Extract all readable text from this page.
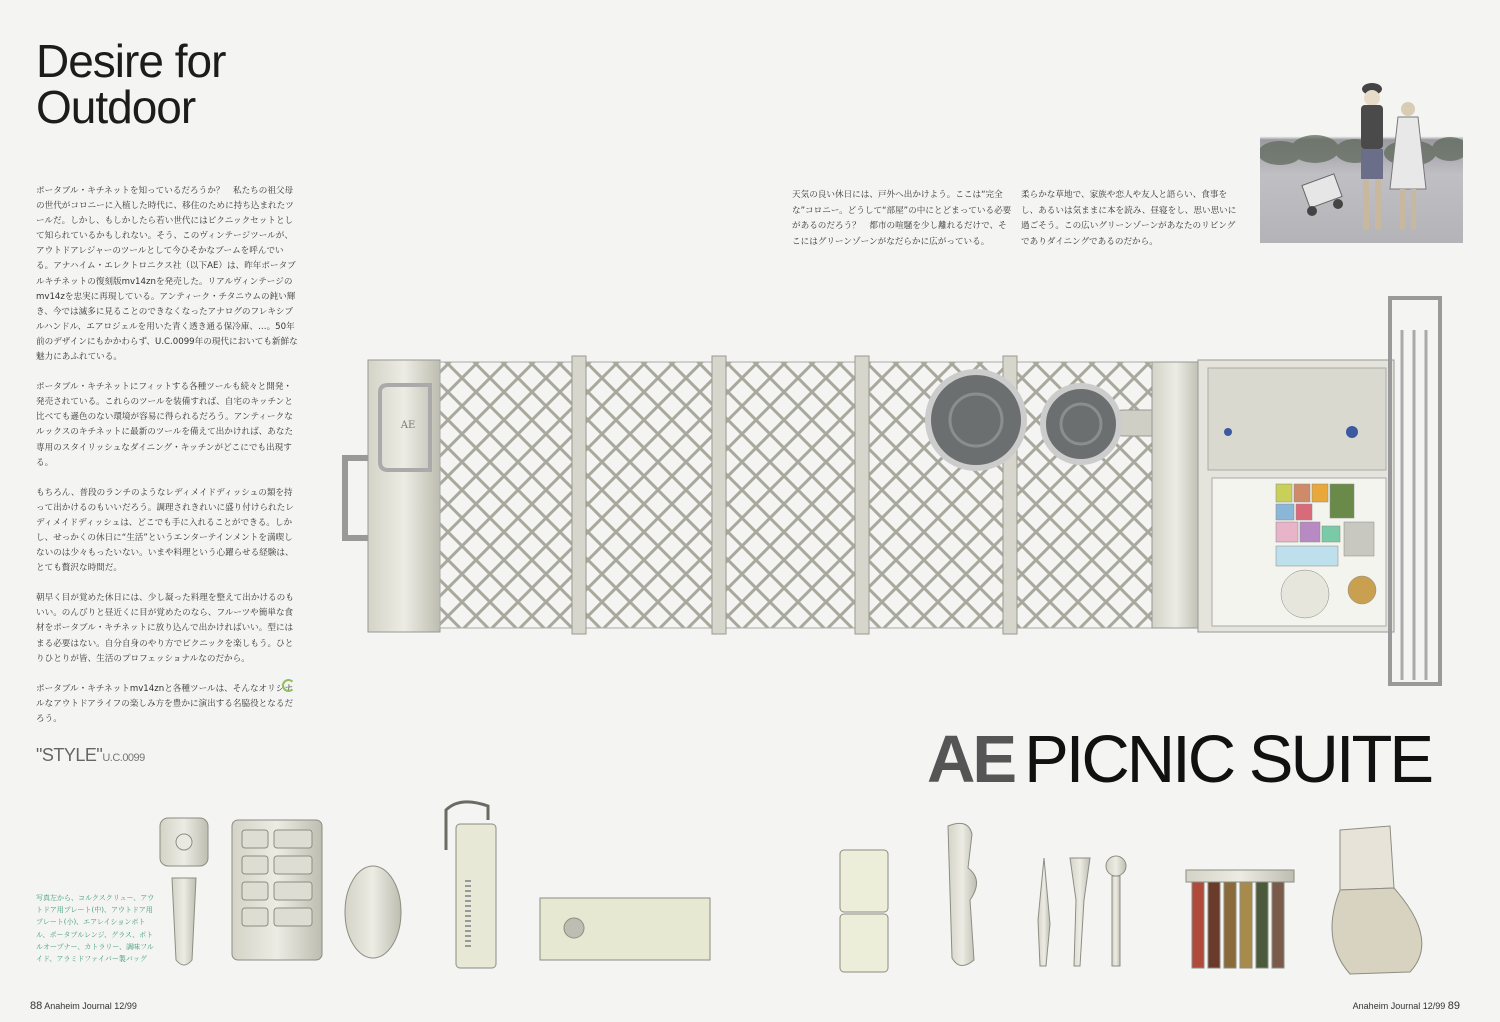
Desire for
Outdoor

ポータブル・キチネットを知っているだろうか？　私たちの祖父母の世代がコロニーに入植した時代に、移住のために持ち込まれたツールだ。しかし、もしかしたら若い世代にはピクニックセットとして知られているかもしれない。そう、このヴィンテージツールが、アウトドアレジャーのツールとして今ひそかなブームを呼んでいる。アナハイム・エレクトロニクス社（以下AE）は、昨年ポータブルキチネットの復刻版mv14znを発売した。リアルヴィンテージのmv14zを忠実に再現している。アンティーク・チタニウムの鈍い輝き、今では滅多に見ることのできなくなったアナログのフレキシブルハンドル、エアロジェルを用いた青く透き通る保冷庫、…。50年前のデザインにもかかわらず、U.C.0099年の現代においても新鮮な魅力にあふれている。

ポータブル・キチネットにフィットする各種ツールも続々と開発・発売されている。これらのツールを装備すれば、自宅のキッチンと比べても遜色のない環境が容易に得られるだろう。アンティークなルックスのキチネットに最新のツールを備えて出かければ、あなた専用のスタイリッシュなダイニング・キッチンがどこにでも出現する。

もちろん、普段のランチのようなレディメイドディッシュの類を持って出かけるのもいいだろう。調理されきれいに盛り付けられたレディメイドディッシュは、どこでも手に入れることができる。しかし、せっかくの休日に“生活”というエンターテインメントを満喫しないのは少々もったいない。いまや料理という心躍らせる経験は、とても贅沢な時間だ。

朝早く目が覚めた休日には、少し凝った料理を整えて出かけるのもいい。のんびりと昼近くに目が覚めたのなら、フルーツや簡単な食材をポータブル・キチネットに放り込んで出かければいい。型にはまる必要はない。自分自身のやり方でピクニックを楽しもう。ひとりひとりが皆、生活のプロフェッショナルなのだから。

ポータブル・キチネットmv14znと各種ツールは、そんなオリジナルなアウトドアライフの楽しみ方を豊かに演出する名脇役となるだろう。

天気の良い休日には、戸外へ出かけよう。ここは“完全な”コロニー。どうして“部屋”の中にとどまっている必要があるのだろう？　都市の喧騒を少し離れるだけで、そこにはグリーンゾーンがなだらかに広がっている。

柔らかな草地で、家族や恋人や友人と語らい、食事をし、あるいは気ままに本を読み、昼寝をし、思い思いに過ごそう。この広いグリーンゾーンがあなたのリビングでありダイニングであるのだから。

AE
"STYLE"U.C.0099	AE PICNIC SUITE
写真左から、コルクスクリュー、アウトドア用プレート(中)、アウトドア用プレート(小)、エアレイションボトル、ポータブルレンジ、グラス、ボトルオープナー、カトラリー、調味フルイド、アラミドファイバー製バッグ
88 Anaheim Journal 12/99	Anaheim Journal 12/99 89
